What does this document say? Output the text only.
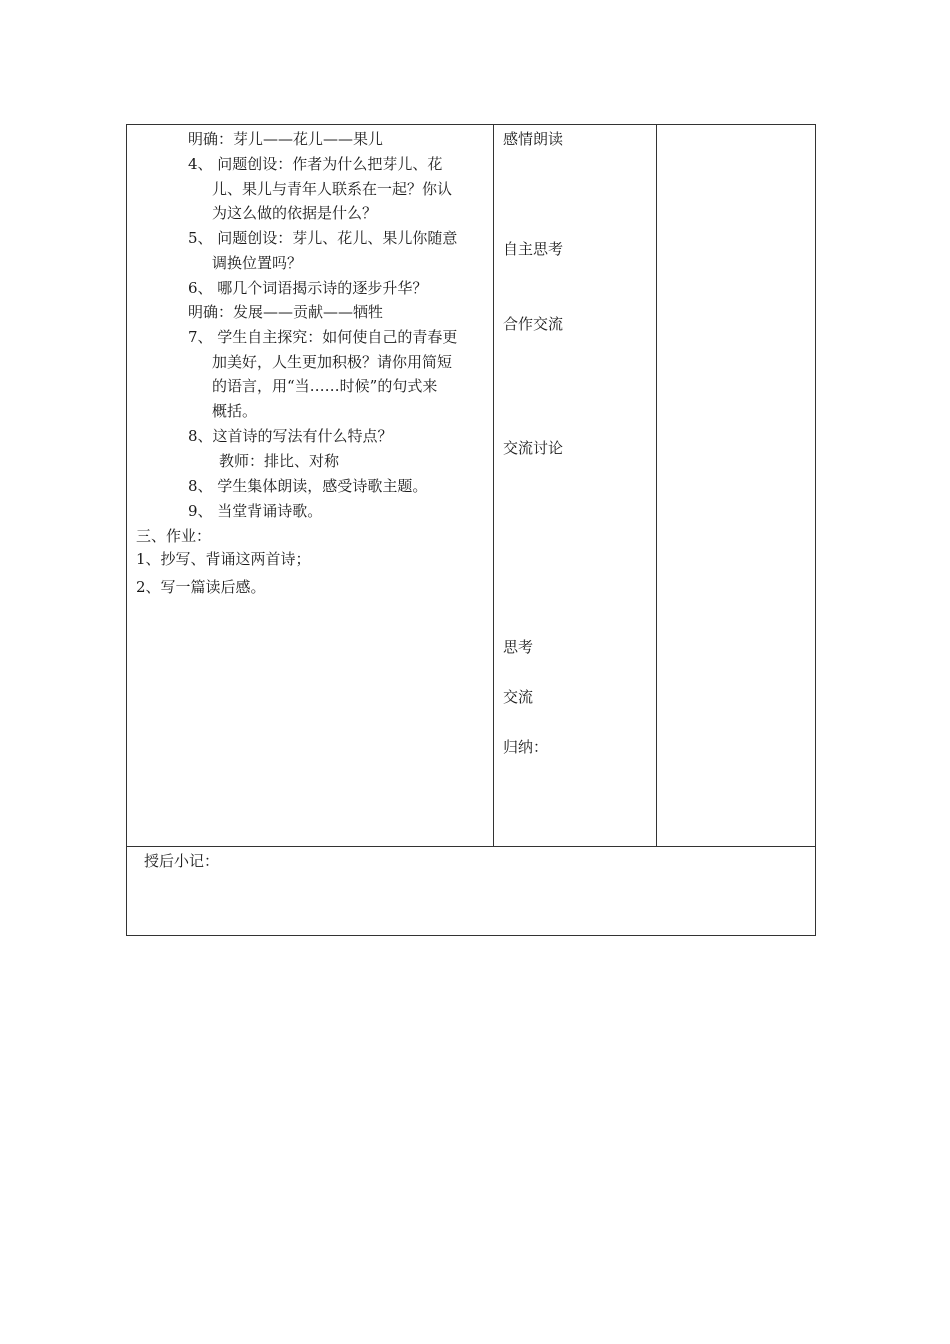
明确：芽儿——花儿——果儿
4、 问题创设：作者为什么把芽儿、花
儿、果儿与青年人联系在一起？你认
为这么做的依据是什么？
5、 问题创设：芽儿、花儿、果儿你随意
调换位置吗？
6、 哪几个词语揭示诗的逐步升华？
明确：发展——贡献——牺牲
7、 学生自主探究：如何使自己的青春更
加美好，人生更加积极？请你用简短
的语言，用“当……时候”的句式来
概括。
8、这首诗的写法有什么特点？
教师：排比、对称
8、 学生集体朗读，感受诗歌主题。
9、 当堂背诵诗歌。
三、作业：
1、抄写、背诵这两首诗；
2、写一篇读后感。
感情朗读
自主思考
合作交流
交流讨论
思考
交流
归纳：
授后小记：
